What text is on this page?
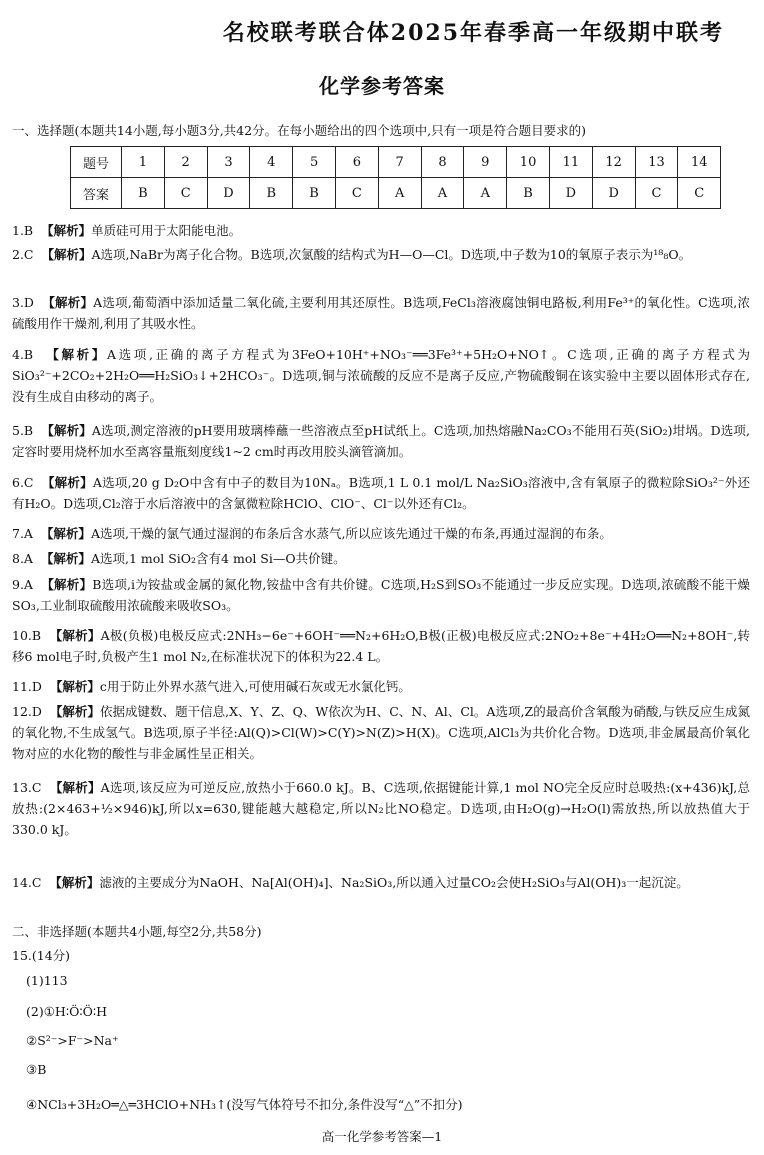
名校联考联合体2025年春季高一年级期中联考
化学参考答案
一、选择题(本题共14小题,每小题3分,共42分。在每小题给出的四个选项中,只有一项是符合题目要求的)
题号	1	2	3	4	5	6	7	8	9	10	11	12	13	14
答案	B	C	D	B	B	C	A	A	A	B	D	D	C	C
1.B 【解析】单质硅可用于太阳能电池。
2.C 【解析】A选项,NaBr为离子化合物。B选项,次氯酸的结构式为H—O—Cl。D选项,中子数为10的氧原子表示为¹⁸₈O。
3.D 【解析】A选项,葡萄酒中添加适量二氧化硫,主要利用其还原性。B选项,FeCl₃溶液腐蚀铜电路板,利用Fe³⁺的氧化性。C选项,浓硫酸用作干燥剂,利用了其吸水性。
4.B 【解析】A选项,正确的离子方程式为3FeO+10H⁺+NO₃⁻══3Fe³⁺+5H₂O+NO↑。C选项,正确的离子方程式为SiO₃²⁻+2CO₂+2H₂O══H₂SiO₃↓+2HCO₃⁻。D选项,铜与浓硫酸的反应不是离子反应,产物硫酸铜在该实验中主要以固体形式存在,没有生成自由移动的离子。
5.B 【解析】A选项,测定溶液的pH要用玻璃棒蘸一些溶液点至pH试纸上。C选项,加热熔融Na₂CO₃不能用石英(SiO₂)坩埚。D选项,定容时要用烧杯加水至离容量瓶刻度线1~2 cm时再改用胶头滴管滴加。
6.C 【解析】A选项,20 g D₂O中含有中子的数目为10Nₐ。B选项,1 L 0.1 mol/L Na₂SiO₃溶液中,含有氧原子的微粒除SiO₃²⁻外还有H₂O。D选项,Cl₂溶于水后溶液中的含氯微粒除HClO、ClO⁻、Cl⁻以外还有Cl₂。
7.A 【解析】A选项,干燥的氯气通过湿润的布条后含水蒸气,所以应该先通过干燥的布条,再通过湿润的布条。
8.A 【解析】A选项,1 mol SiO₂含有4 mol Si—O共价键。
9.A 【解析】B选项,i为铵盐或金属的氮化物,铵盐中含有共价键。C选项,H₂S到SO₃不能通过一步反应实现。D选项,浓硫酸不能干燥SO₃,工业制取硫酸用浓硫酸来吸收SO₃。
10.B 【解析】A极(负极)电极反应式:2NH₃−6e⁻+6OH⁻══N₂+6H₂O,B极(正极)电极反应式:2NO₂+8e⁻+4H₂O══N₂+8OH⁻,转移6 mol电子时,负极产生1 mol N₂,在标准状况下的体积为22.4 L。
11.D 【解析】c用于防止外界水蒸气进入,可使用碱石灰或无水氯化钙。
12.D 【解析】依据成键数、题干信息,X、Y、Z、Q、W依次为H、C、N、Al、Cl。A选项,Z的最高价含氧酸为硝酸,与铁反应生成氮的氧化物,不生成氢气。B选项,原子半径:Al(Q)>Cl(W)>C(Y)>N(Z)>H(X)。C选项,AlCl₃为共价化合物。D选项,非金属最高价氧化物对应的水化物的酸性与非金属性呈正相关。
13.C 【解析】A选项,该反应为可逆反应,放热小于660.0 kJ。B、C选项,依据键能计算,1 mol NO完全反应时总吸热:(x+436)kJ,总放热:(2×463+½×946)kJ,所以x=630,键能越大越稳定,所以N₂比NO稳定。D选项,由H₂O(g)→H₂O(l)需放热,所以放热值大于330.0 kJ。
14.C 【解析】滤液的主要成分为NaOH、Na[Al(OH)₄]、Na₂SiO₃,所以通入过量CO₂会使H₂SiO₃与Al(OH)₃一起沉淀。
二、非选择题(本题共4小题,每空2分,共58分)
15.(14分)
(1)113
(2)①H∶Ö∶Ö∶H
②S²⁻>F⁻>Na⁺
③B
④NCl₃+3H₂O═△═3HClO+NH₃↑(没写气体符号不扣分,条件没写“△”不扣分)
高一化学参考答案—1
